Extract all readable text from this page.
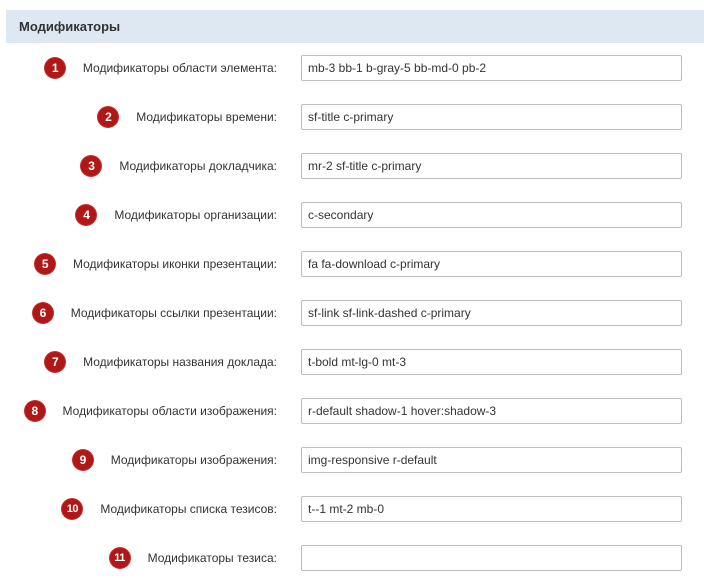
Модификаторы
1	Модификаторы области элемента:
mb-3 bb-1 b-gray-5 bb-md-0 pb-2
2	Модификаторы времени:
sf-title c-primary
3	Модификаторы докладчика:
mr-2 sf-title c-primary
4	Модификаторы организации:
c-secondary
5	Модификаторы иконки презентации:
fa fa-download c-primary
6	Модификаторы ссылки презентации:
sf-link sf-link-dashed c-primary
7	Модификаторы названия доклада:
t-bold mt-lg-0 mt-3
8	Модификаторы области изображения:
r-default shadow-1 hover:shadow-3
9	Модификаторы изображения:
img-responsive r-default
10	Модификаторы списка тезисов:
t--1 mt-2 mb-0
11	Модификаторы тезиса:
